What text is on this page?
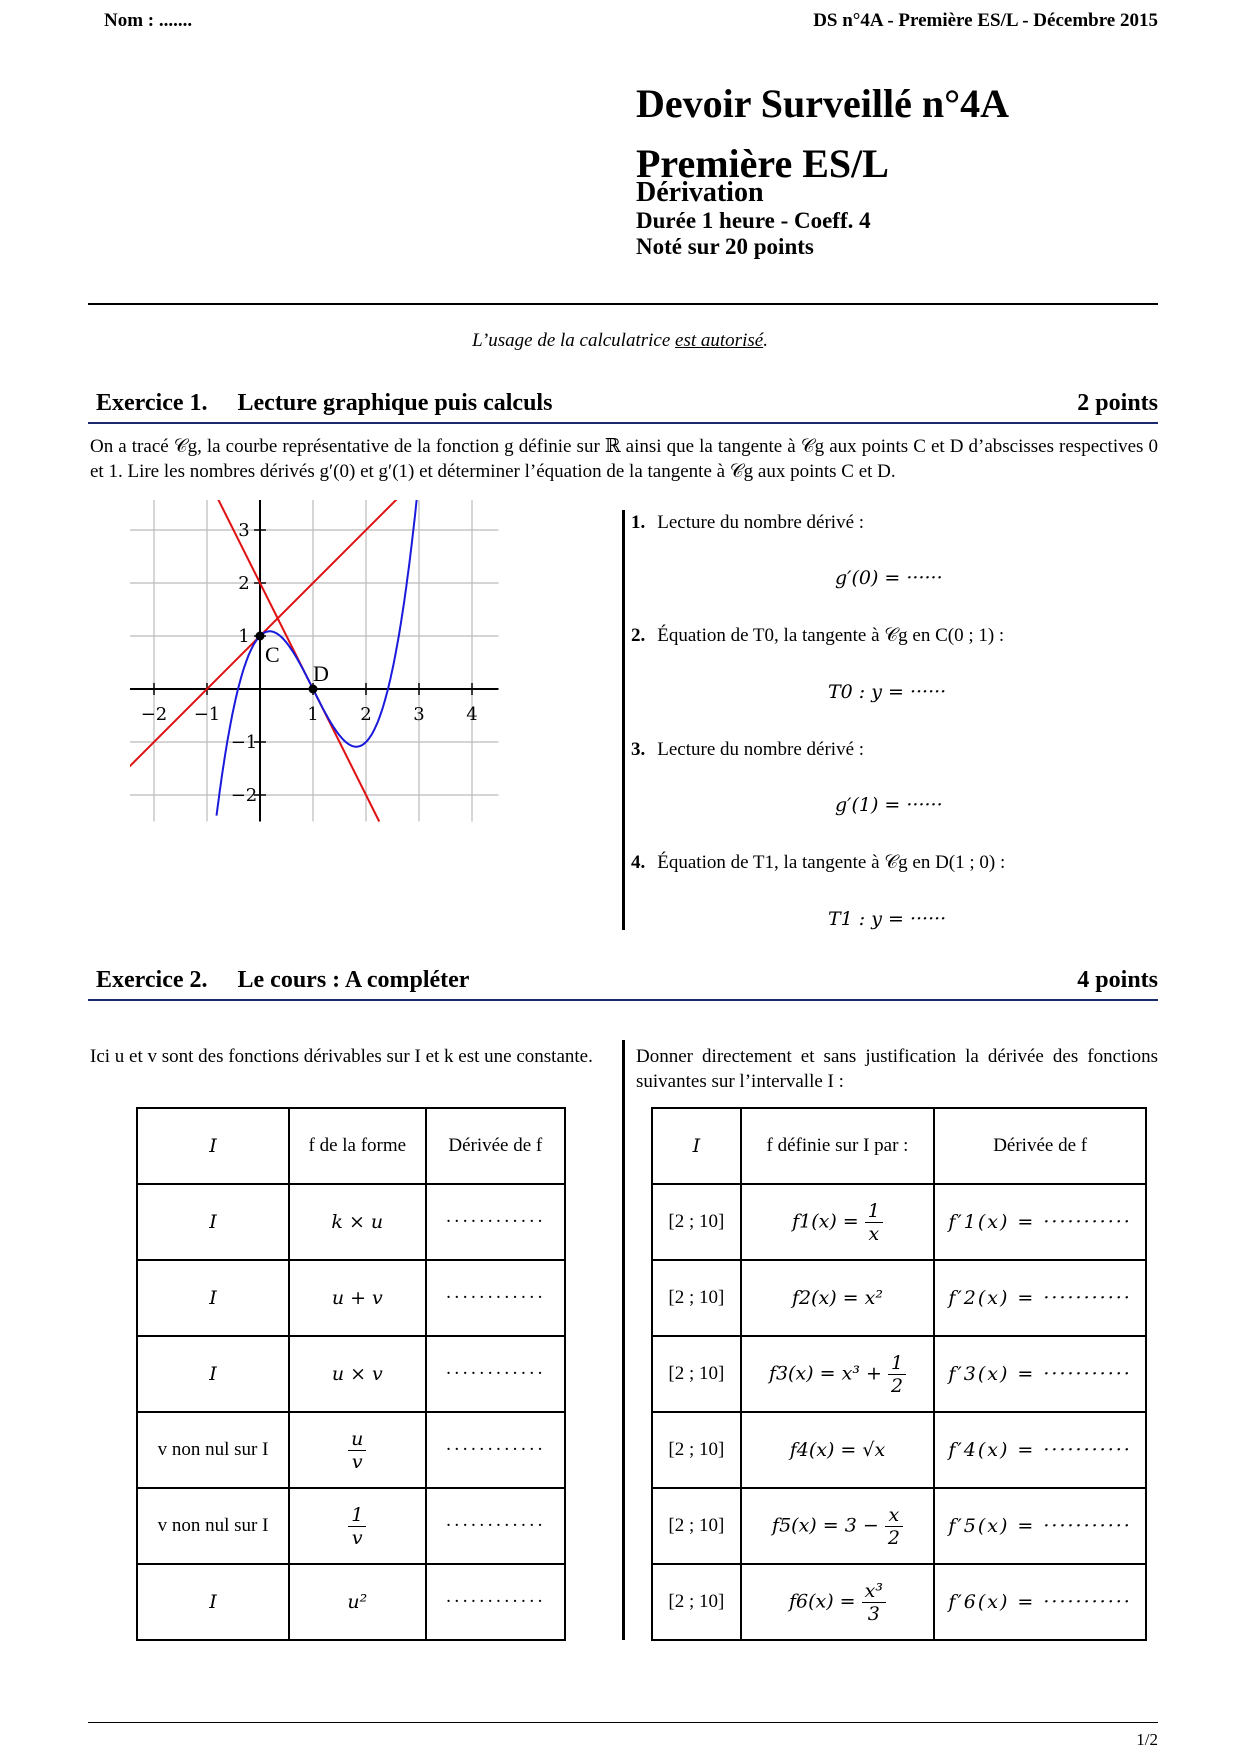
Nom : .......	DS n°4A - Première ES/L - Décembre 2015
Devoir Surveillé n°4A
Première ES/L
Dérivation
Durée 1 heure - Coeff. 4
Noté sur 20 points
L’usage de la calculatrice est autorisé.
Exercice 1. Lecture graphique puis calculs	2 points
On a tracé 𝒞g, la courbe représentative de la fonction g définie sur ℝ ainsi que la tangente à 𝒞g aux points C et D d’abscisses respectives 0 et 1. Lire les nombres dérivés g′(0) et g′(1) et déterminer l’équation de la tangente à 𝒞g aux points C et D.
−2 −1	1 2 3 4
3
2
1
−1
−2
C
D
1. Lecture du nombre dérivé :
g′(0) = ······
2. Équation de T0, la tangente à 𝒞g en C(0 ; 1) :
T0 : y = ······
3. Lecture du nombre dérivé :
g′(1) = ······
4. Équation de T1, la tangente à 𝒞g en D(1 ; 0) :
T1 : y = ······
Exercice 2. Le cours : A compléter	4 points
Ici u et v sont des fonctions dérivables sur I et k est une constante.	Donner directement et sans justification la dérivée des fonctions suivantes sur l’intervalle I :
I	f de la forme	Dérivée de f
I	k × u	············
I	u + v	············
I	u × v	············
v non nul sur I	$\frac{u}{v}$	············
v non nul sur I	$\frac{1}{v}$	············
I	u²	············
I	f définie sur I par :	Dérivée de f
[2 ; 10]	$f1(x) = \frac{1}{x}$	f′1(x) = ···········
[2 ; 10]	f2(x) = x²	f′2(x) = ···········
[2 ; 10]	$f3(x) = x^3 + \frac{1}{2}$	f′3(x) = ···········
[2 ; 10]	f4(x) = √x	f′4(x) = ···········
[2 ; 10]	$f5(x) = 3 - \frac{x}{2}$	f′5(x) = ···········
[2 ; 10]	$f6(x) = \frac{\text{x³}}{3}$	f′6(x) = ···········
1/2
